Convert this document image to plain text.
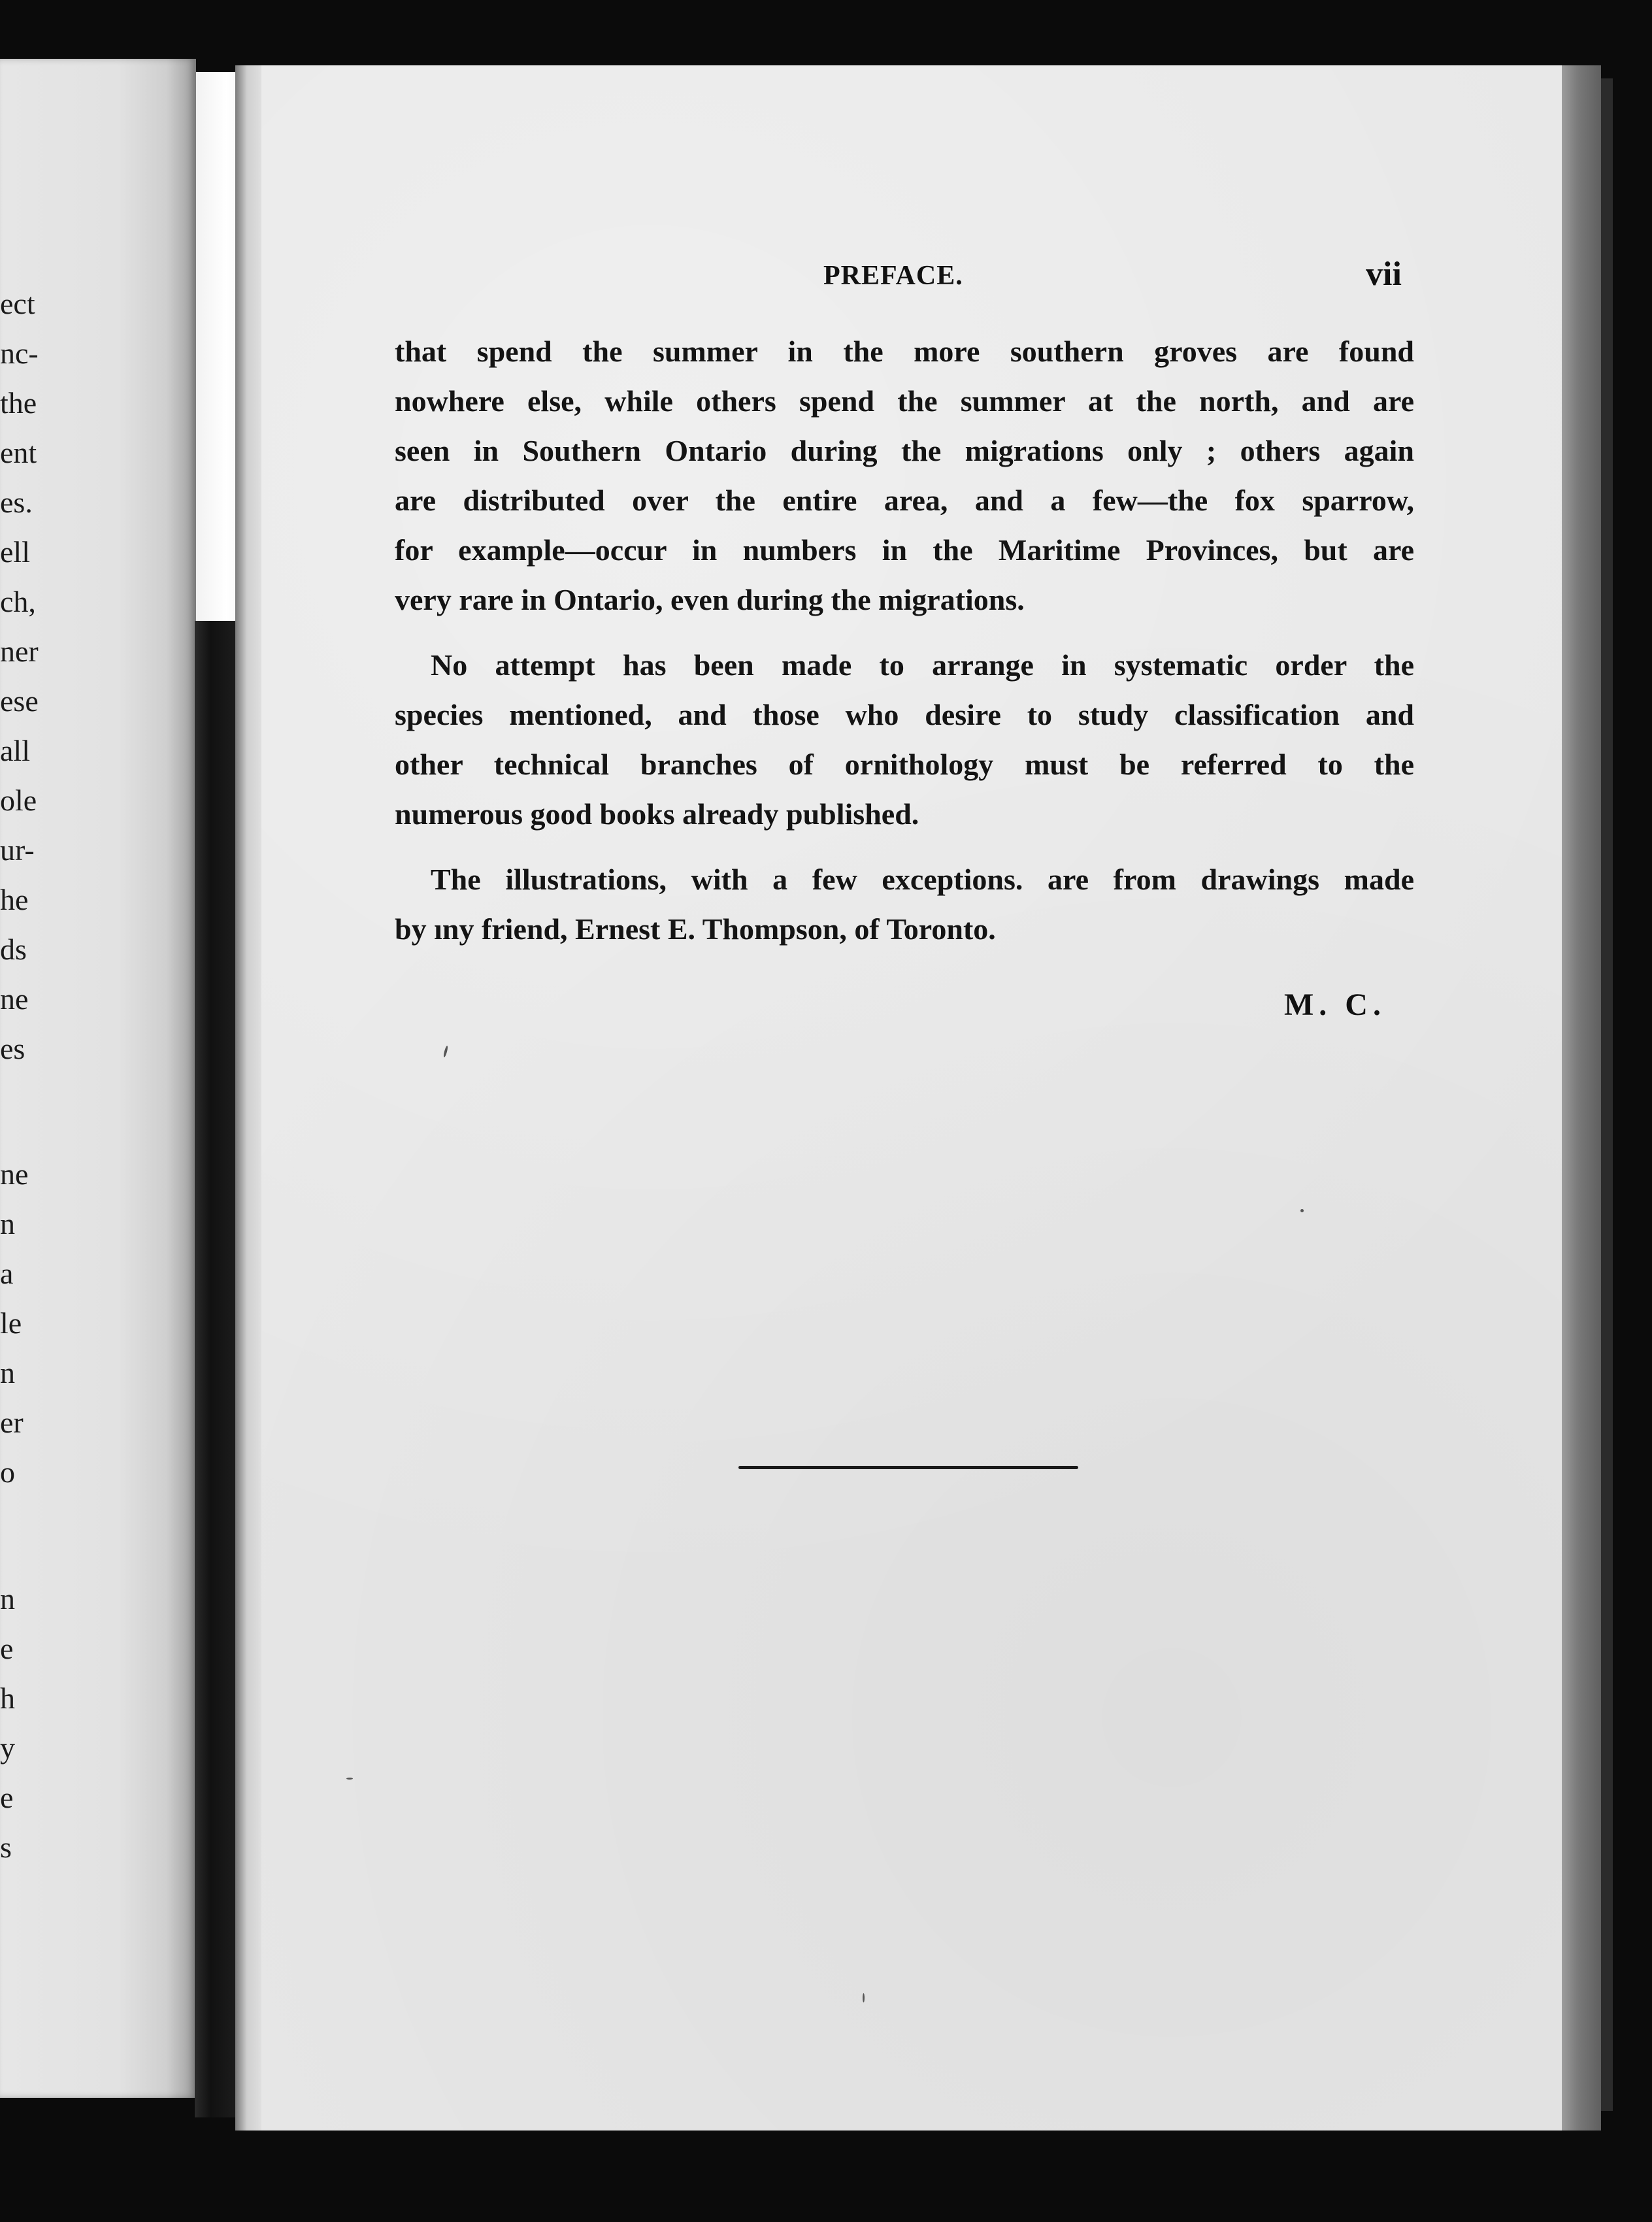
ect
nc-
the
ent
es.
ell
ch,
ner
ese
all
ole
ur-
he
ds
ne
es
ne
n
a
le
n
er
o
n
e
h
y
e
s
PREFACE.	vii
that spend the summer in the more southern groves are found
nowhere else, while others spend the summer at the north, and are
seen in Southern Ontario during the migrations only ; others again
are distributed over the entire area, and a few—the fox sparrow,
for example—occur in numbers in the Maritime Provinces, but are
very rare in Ontario, even during the migrations.
No attempt has been made to arrange in systematic order the
species mentioned, and those who desire to study classification and
other technical branches of ornithology must be referred to the
numerous good books already published.
The illustrations, with a few exceptions. are from drawings made
by ıny friend, Ernest E. Thompson, of Toronto.
M. C.
